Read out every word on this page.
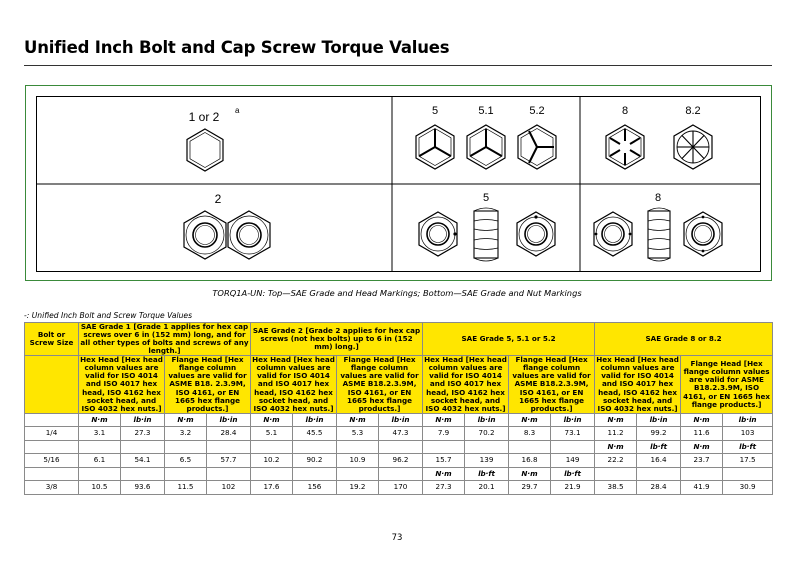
Unified Inch Bolt and Cap Screw Torque Values
1 or 2 a	5	5.1	5.2	8	8.2
2	5	8
TORQ1A-UN: Top—SAE Grade and Head Markings; Bottom—SAE Grade and Nut Markings
-: Unified Inch Bolt and Screw Torque Values
Bolt or Screw Size	SAE Grade 1 [Grade 1 applies for hex cap screws over 6 in (152 mm) long, and for all other types of bolts and screws of any length.]				SAE Grade 2 [Grade 2 applies for hex cap screws (not hex bolts) up to 6 in (152 mm) long.]				SAE Grade 5, 5.1 or 5.2				SAE Grade 8 or 8.2			
	Hex Head [Hex head column values are valid for ISO 4014 and ISO 4017 hex head, ISO 4162 hex socket head, and ISO 4032 hex nuts.]		Flange Head [Hex flange column values are valid for ASME B18. 2.3.9M, ISO 4161, or EN 1665 hex flange products.]		Hex Head [Hex head column values are valid for ISO 4014 and ISO 4017 hex head, ISO 4162 hex socket head, and ISO 4032 hex nuts.]		Flange Head [Hex flange column values are valid for ASME B18.2.3.9M, ISO 4161, or EN 1665 hex flange products.]		Hex Head [Hex head column values are valid for ISO 4014 and ISO 4017 hex head, ISO 4162 hex socket head, and ISO 4032 hex nuts.]		Flange Head [Hex flange column values are valid for ASME B18.2.3.9M, ISO 4161, or EN 1665 hex flange products.]		Hex Head [Hex head column values are valid for ISO 4014 and ISO 4017 hex head, ISO 4162 hex socket head, and ISO 4032 hex nuts.]		Flange Head [Hex flange column values are valid for ASME B18.2.3.9M, ISO 4161, or EN 1665 hex flange products.]	
	N·m	lb·in	N·m	lb·in	N·m	lb·in	N·m	lb·in	N·m	lb·in	N·m	lb·in	N·m	lb·in	N·m	lb·in
1/4	3.1	27.3	3.2	28.4	5.1	45.5	5.3	47.3	7.9	70.2	8.3	73.1	11.2	99.2	11.6	103
													N·m	lb·ft	N·m	lb·ft
5/16	6.1	54.1	6.5	57.7	10.2	90.2	10.9	96.2	15.7	139	16.8	149	22.2	16.4	23.7	17.5
									N·m	lb·ft	N·m	lb·ft				
3/8	10.5	93.6	11.5	102	17.6	156	19.2	170	27.3	20.1	29.7	21.9	38.5	28.4	41.9	30.9
73
